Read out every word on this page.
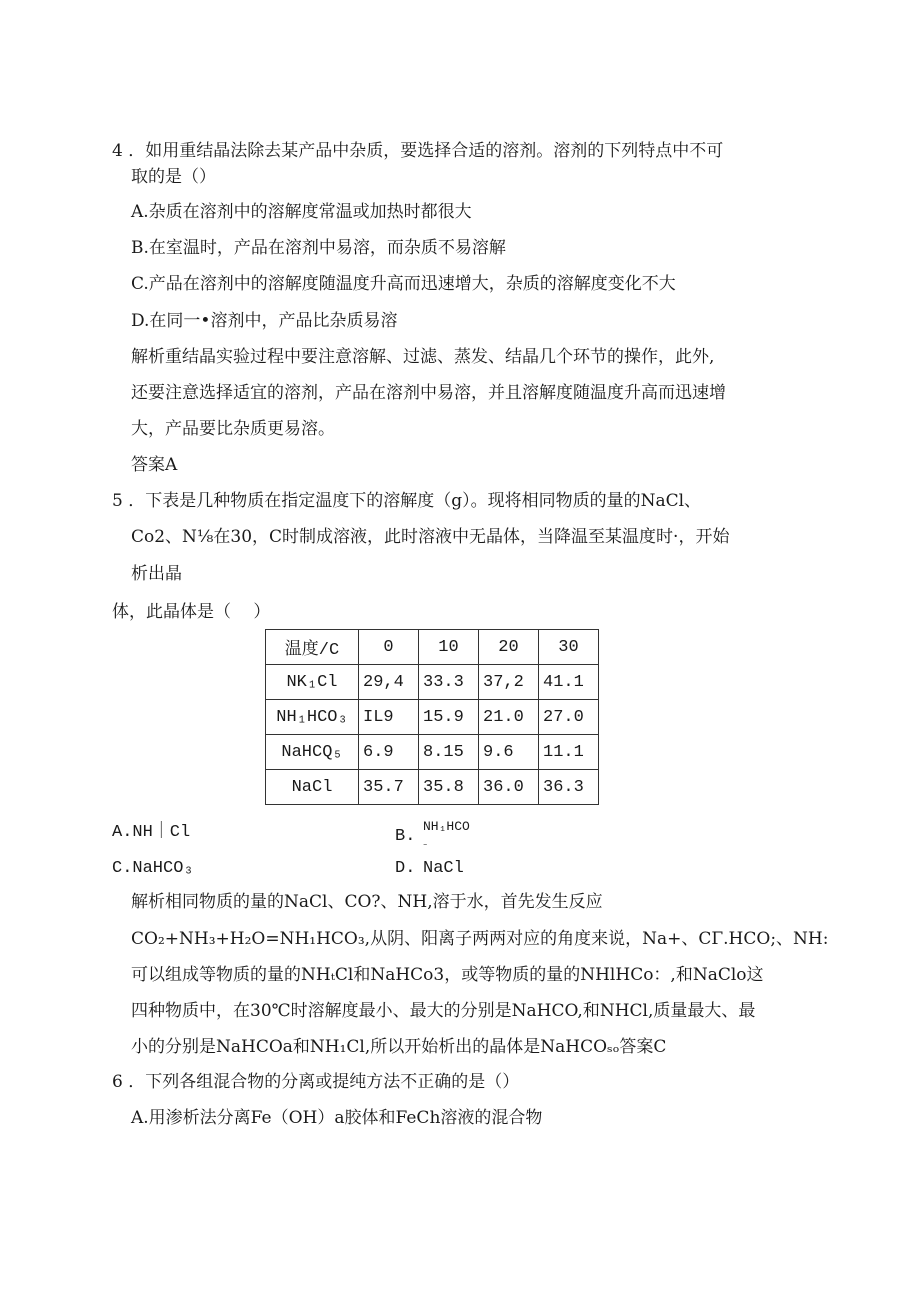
4 ．如用重结晶法除去某产品中杂质，要选择合适的溶剂。溶剂的下列特点中不可
取的是（）
A.杂质在溶剂中的溶解度常温或加热时都很大
B.在室温时，产品在溶剂中易溶，而杂质不易溶解
C.产品在溶剂中的溶解度随温度升高而迅速增大，杂质的溶解度变化不大
D.在同一•溶剂中，产品比杂质易溶
解析重结晶实验过程中要注意溶解、过滤、蒸发、结晶几个环节的操作，此外,
还要注意选择适宜的溶剂，产品在溶剂中易溶，并且溶解度随温度升高而迅速增
大，产品要比杂质更易溶。
答案A
5 ．下表是几种物质在指定温度下的溶解度（g）。现将相同物质的量的NaCl、
Co2、N⅛在30，C时制成溶液，此时溶液中无晶体，当降温至某温度时·，开始
析出晶
体，此晶体是（　 ）
温度/C	0	10	20	30
NK₁Cl	29,4	33.3	37,2	41.1
NH₁HCO₃	IL9	15.9	21.0	27.0
NaHCQ₅	6.9	8.15	9.6	11.1
NaCl	35.7	35.8	36.0	36.3
A.NH｜Cl	B.
NH₁HCO
-
C.NaHCO₃	D. NaCl
解析相同物质的量的NaCl、CO?、NH,溶于水，首先发生反应
CO₂+NH₃+H₂O=NH₁HCO₃,从阴、阳离子两两对应的角度来说，Na+、CΓ.HCO;、NH:
可以组成等物质的量的NHₜCl和NaHCo3，或等物质的量的NHlHCo：,和NaClo这
四种物质中，在30℃时溶解度最小、最大的分别是NaHCO,和NHCl,质量最大、最
小的分别是NaHCOa和NH₁Cl,所以开始析出的晶体是NaHCOₛₒ答案C
6 ．下列各组混合物的分离或提纯方法不正确的是（）
A.用渗析法分离Fe（OH）a胶体和FeCh溶液的混合物
